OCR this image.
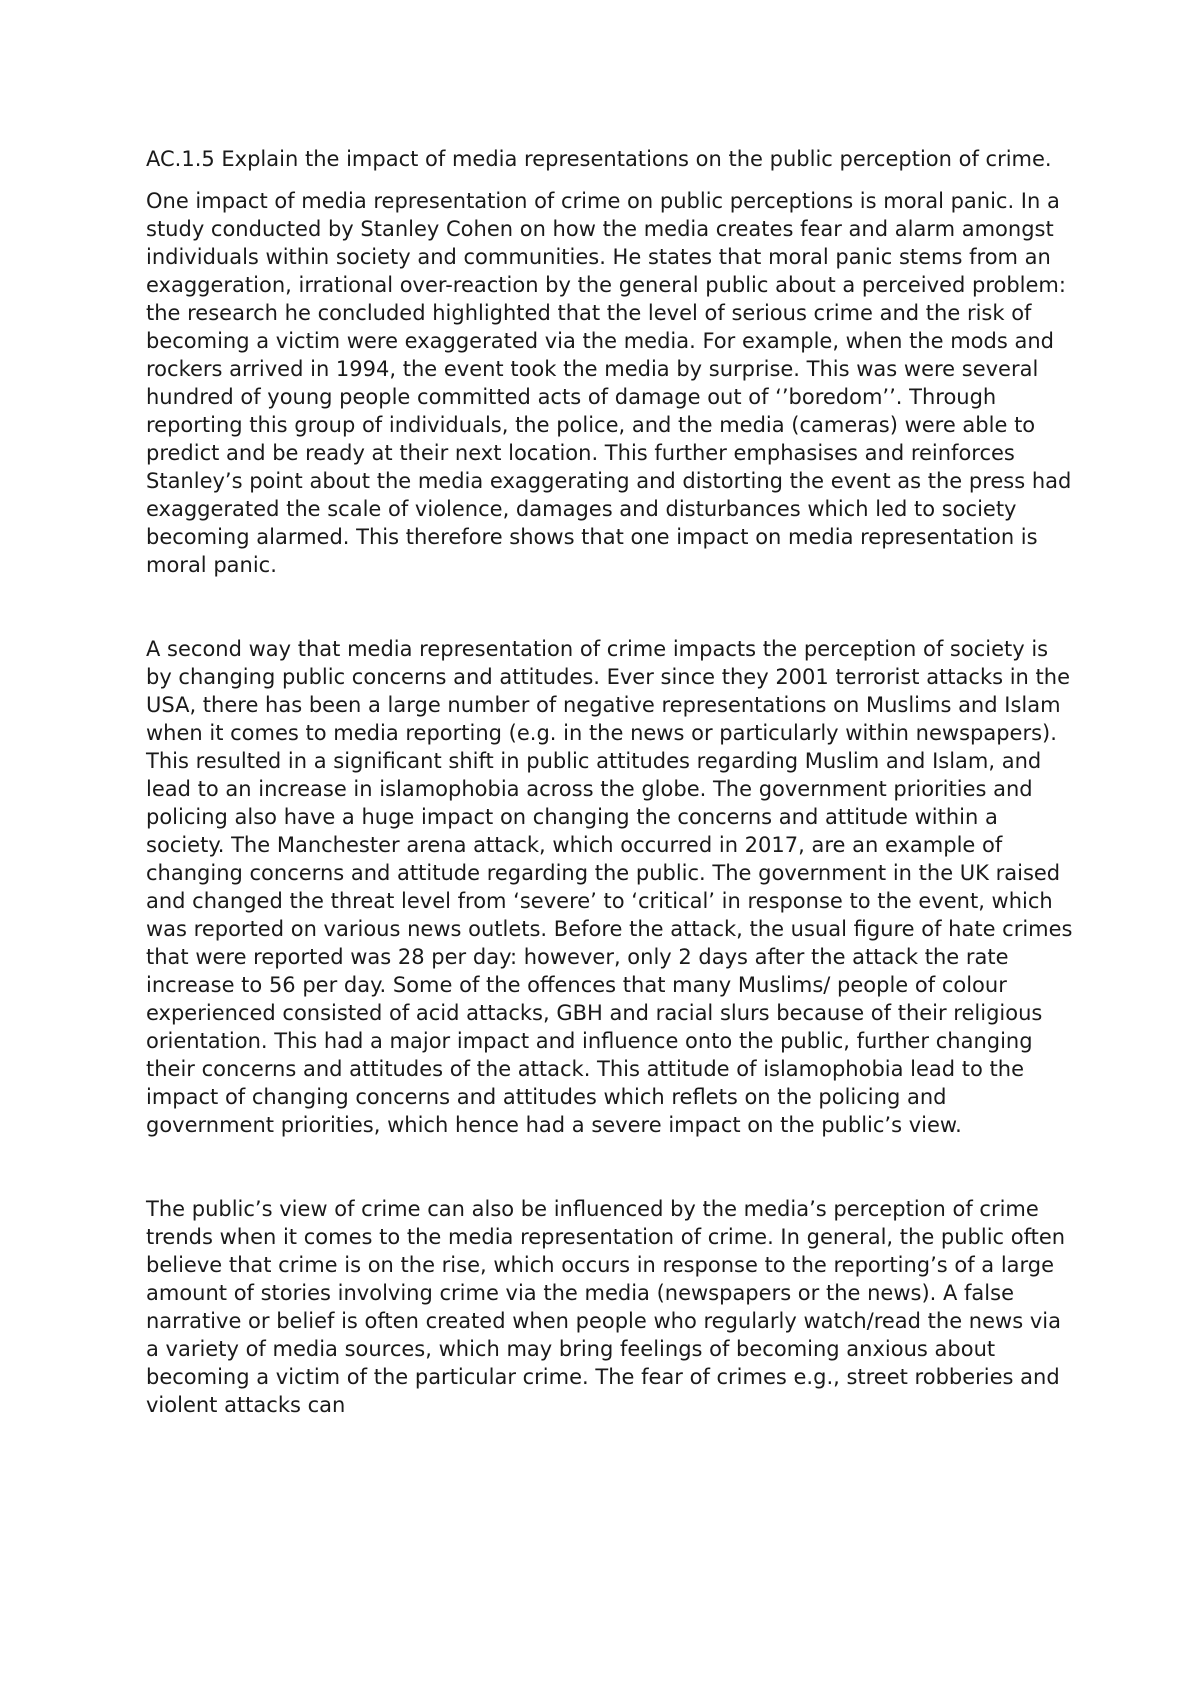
AC.1.5 Explain the impact of media representations on the public perception of crime.

One impact of media representation of crime on public perceptions is moral panic. In a study conducted by Stanley Cohen on how the media creates fear and alarm amongst individuals within society and communities. He states that moral panic stems from an exaggeration, irrational over-reaction by the general public about a perceived problem: the research he concluded highlighted that the level of serious crime and the risk of becoming a victim were exaggerated via the media. For example, when the mods and rockers arrived in 1994, the event took the media by surprise. This was were several hundred of young people committed acts of damage out of ‘’boredom’’. Through reporting this group of individuals, the police, and the media (cameras) were able to predict and be ready at their next location. This further emphasises and reinforces Stanley’s point about the media exaggerating and distorting the event as the press had exaggerated the scale of violence, damages and disturbances which led to society becoming alarmed. This therefore shows that one impact on media representation is moral panic.

A second way that media representation of crime impacts the perception of society is by changing public concerns and attitudes. Ever since they 2001 terrorist attacks in the USA, there has been a large number of negative representations on Muslims and Islam when it comes to media reporting (e.g. in the news or particularly within newspapers). This resulted in a significant shift in public attitudes regarding Muslim and Islam, and lead to an increase in islamophobia across the globe. The government priorities and policing also have a huge impact on changing the concerns and attitude within a society. The Manchester arena attack, which occurred in 2017, are an example of changing concerns and attitude regarding the public. The government in the UK raised and changed the threat level from ‘severe’ to ‘critical’ in response to the event, which was reported on various news outlets. Before the attack, the usual figure of hate crimes that were reported was 28 per day: however, only 2 days after the attack the rate increase to 56 per day. Some of the offences that many Muslims/ people of colour experienced consisted of acid attacks, GBH and racial slurs because of their religious orientation. This had a major impact and influence onto the public, further changing their concerns and attitudes of the attack. This attitude of islamophobia lead to the impact of changing concerns and attitudes which reflets on the policing and government priorities, which hence had a severe impact on the public’s view.

The public’s view of crime can also be influenced by the media’s perception of crime trends when it comes to the media representation of crime. In general, the public often believe that crime is on the rise, which occurs in response to the reporting’s of a large amount of stories involving crime via the media (newspapers or the news). A false narrative or belief is often created when people who regularly watch/read the news via a variety of media sources, which may bring feelings of becoming anxious about becoming a victim of the particular crime. The fear of crimes e.g., street robberies and violent attacks can
